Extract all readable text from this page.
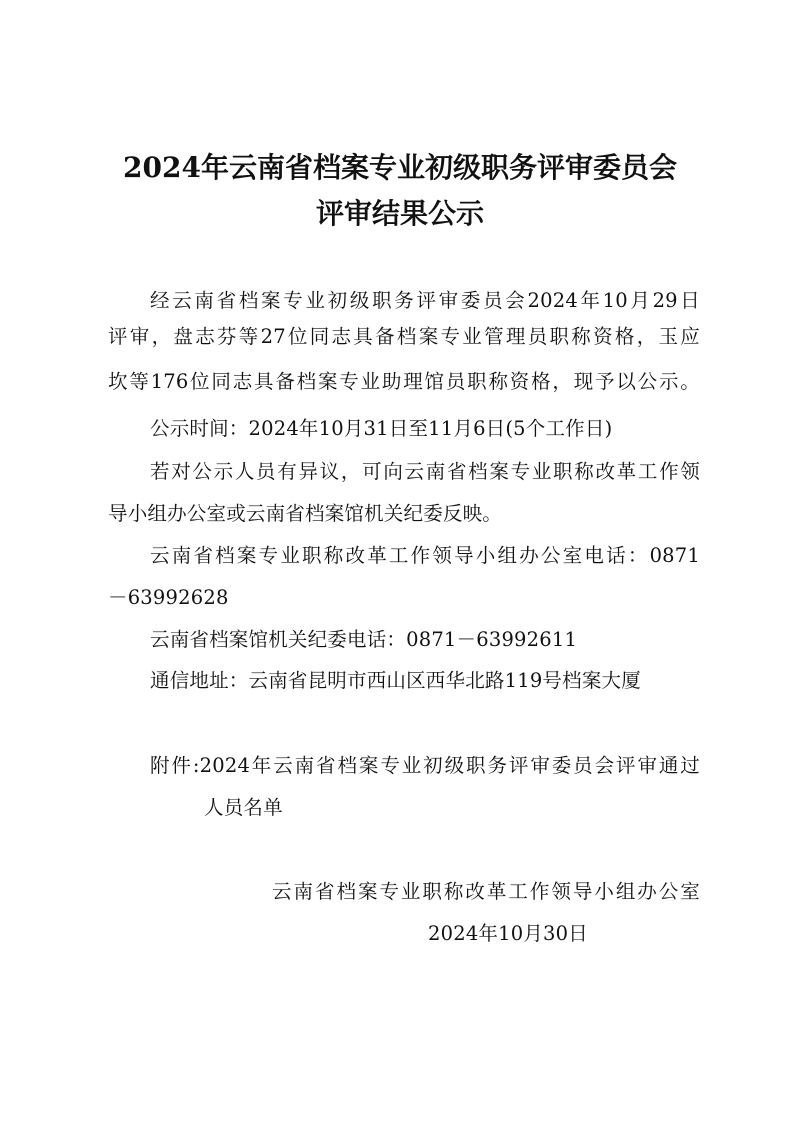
2024年云南省档案专业初级职务评审委员会
评审结果公示
经云南省档案专业初级职务评审委员会2024年10月29日
评审，盘志芬等27位同志具备档案专业管理员职称资格，玉应
坎等176位同志具备档案专业助理馆员职称资格，现予以公示。
公示时间：2024年10月31日至11月6日(5个工作日)
若对公示人员有异议，可向云南省档案专业职称改革工作领
导小组办公室或云南省档案馆机关纪委反映。
云南省档案专业职称改革工作领导小组办公室电话：0871
－63992628
云南省档案馆机关纪委电话：0871－63992611
通信地址：云南省昆明市西山区西华北路119号档案大厦
附件:2024年云南省档案专业初级职务评审委员会评审通过
人员名单
云南省档案专业职称改革工作领导小组办公室
2024年10月30日
